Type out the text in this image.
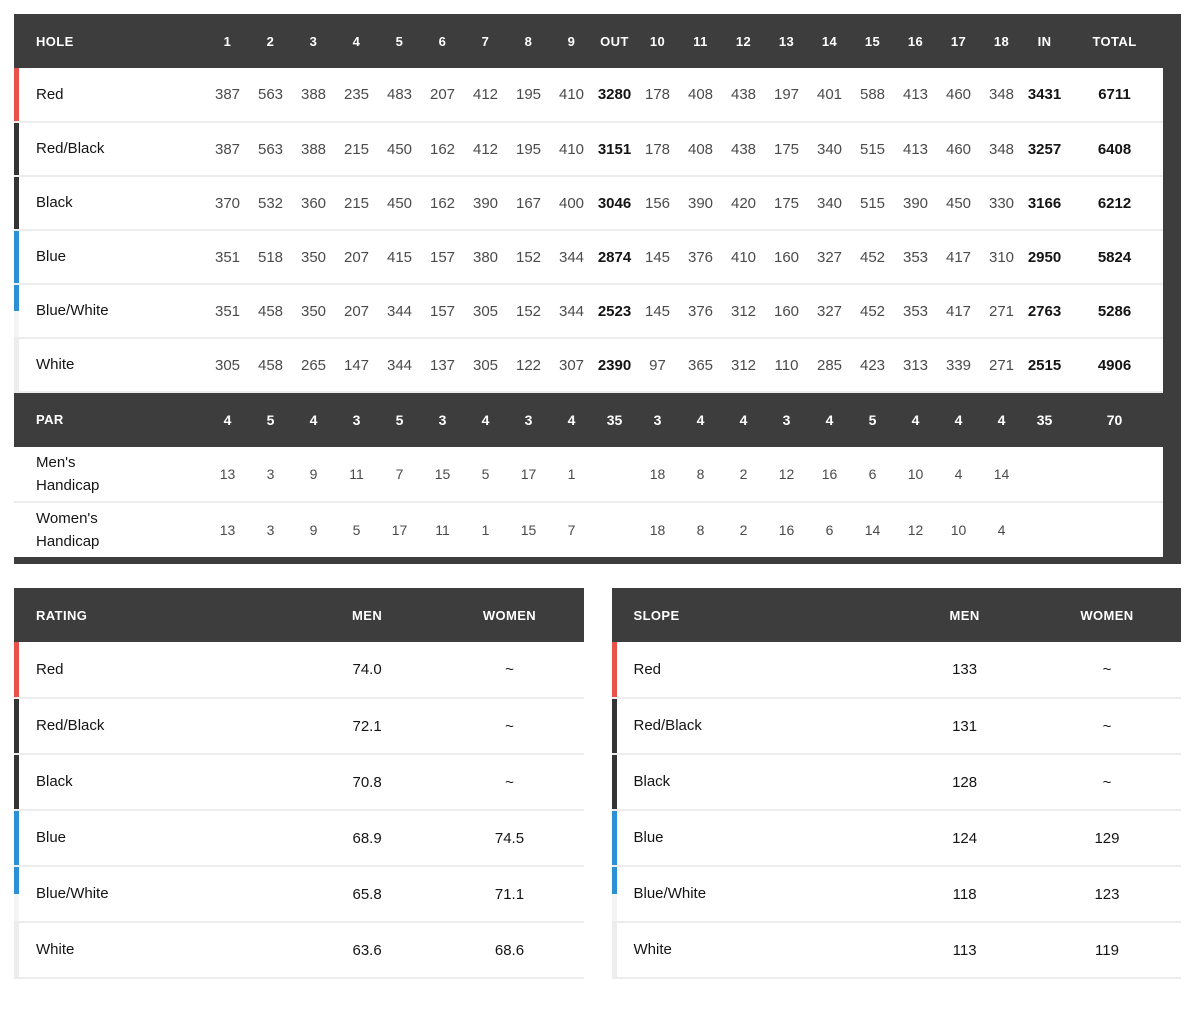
HOLE	1	2	3	4	5	6	7	8	9	OUT	10	11	12	13	14	15	16	17	18	IN	TOTAL

Red	387	563	388	235	483	207	412	195	410	3280	178	408	438	197	401	588	413	460	348	3431	6711

Red/Black	387	563	388	215	450	162	412	195	410	3151	178	408	438	175	340	515	413	460	348	3257	6408

Black	370	532	360	215	450	162	390	167	400	3046	156	390	420	175	340	515	390	450	330	3166	6212

Blue	351	518	350	207	415	157	380	152	344	2874	145	376	410	160	327	452	353	417	310	2950	5824

Blue/White	351	458	350	207	344	157	305	152	344	2523	145	376	312	160	327	452	353	417	271	2763	5286

White	305	458	265	147	344	137	305	122	307	2390	97	365	312	110	285	423	313	339	271	2515	4906
PAR	4	5	4	3	5	3	4	3	4	35	3	4	4	3	4	5	4	4	4	35	70
Men's Handicap	13	3	9	11	7	15	5	17	1		18	8	2	12	16	6	10	4	14		
Women's Handicap	13	3	9	5	17	11	1	15	7		18	8	2	16	6	14	12	10	4		
RATING	MEN	WOMEN

Red	74.0	~

Red/Black	72.1	~

Black	70.8	~

Blue	68.9	74.5

Blue/White	65.8	71.1

White	63.6	68.6
SLOPE	MEN	WOMEN

Red	133	~

Red/Black	131	~

Black	128	~

Blue	124	129

Blue/White	118	123

White	113	119
